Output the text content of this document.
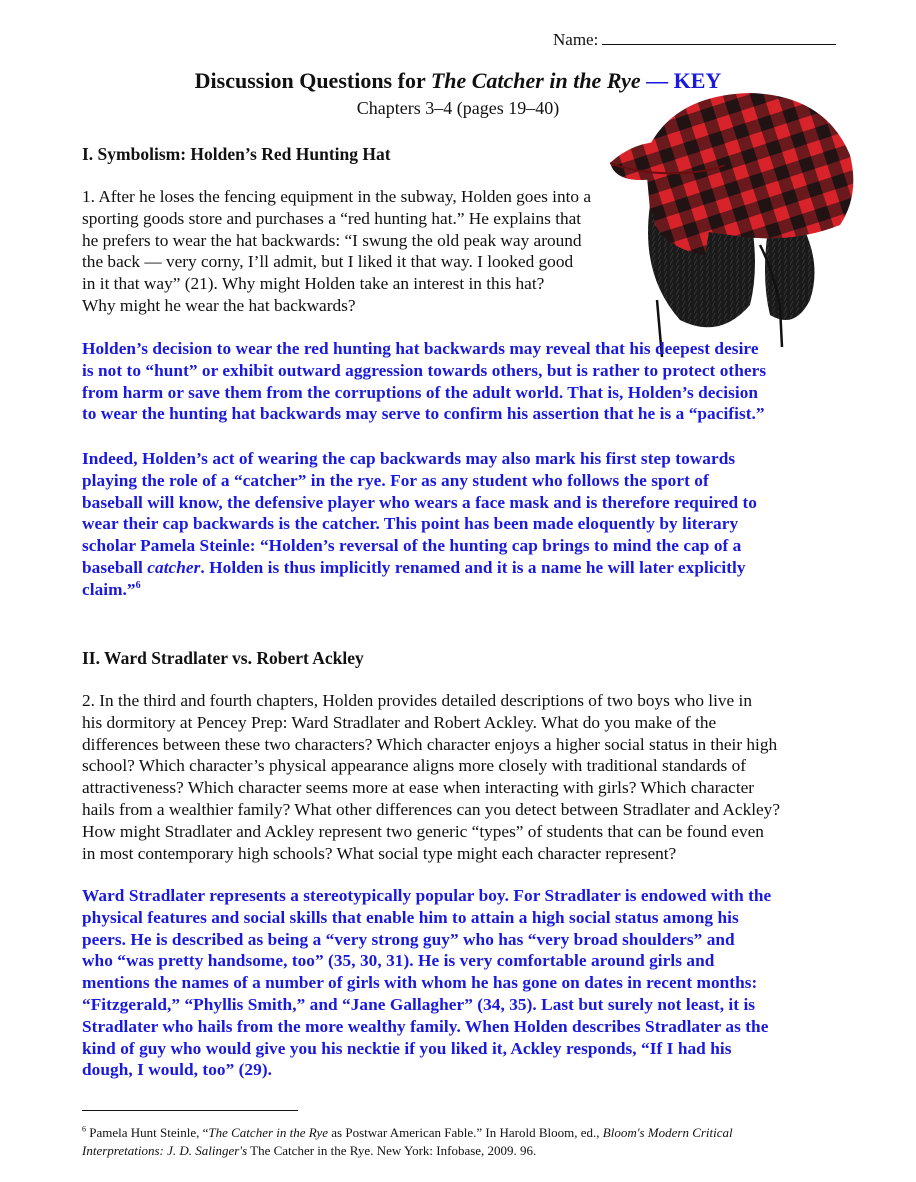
Name:
Discussion Questions for The Catcher in the Rye — KEY
Chapters 3–4 (pages 19–40)
I. Symbolism: Holden’s Red Hunting Hat
1. After he loses the fencing equipment in the subway, Holden goes into a
sporting goods store and purchases a “red hunting hat.” He explains that
he prefers to wear the hat backwards: “I swung the old peak way around
the back — very corny, I’ll admit, but I liked it that way. I looked good
in it that way” (21). Why might Holden take an interest in this hat?
Why might he wear the hat backwards?
Holden’s decision to wear the red hunting hat backwards may reveal that his deepest desire
is not to “hunt” or exhibit outward aggression towards others, but is rather to protect others
from harm or save them from the corruptions of the adult world. That is, Holden’s decision
to wear the hunting hat backwards may serve to confirm his assertion that he is a “pacifist.”
Indeed, Holden’s act of wearing the cap backwards may also mark his first step towards
playing the role of a “catcher” in the rye. For as any student who follows the sport of
baseball will know, the defensive player who wears a face mask and is therefore required to
wear their cap backwards is the catcher. This point has been made eloquently by literary
scholar Pamela Steinle: “Holden’s reversal of the hunting cap brings to mind the cap of a
baseball catcher. Holden is thus implicitly renamed and it is a name he will later explicitly
claim.”$^6$
II. Ward Stradlater vs. Robert Ackley
2. In the third and fourth chapters, Holden provides detailed descriptions of two boys who live in
his dormitory at Pencey Prep: Ward Stradlater and Robert Ackley. What do you make of the
differences between these two characters? Which character enjoys a higher social status in their high
school? Which character’s physical appearance aligns more closely with traditional standards of
attractiveness? Which character seems more at ease when interacting with girls? Which character
hails from a wealthier family? What other differences can you detect between Stradlater and Ackley?
How might Stradlater and Ackley represent two generic “types” of students that can be found even
in most contemporary high schools? What social type might each character represent?
Ward Stradlater represents a stereotypically popular boy. For Stradlater is endowed with the
physical features and social skills that enable him to attain a high social status among his
peers. He is described as being a “very strong guy” who has “very broad shoulders” and
who “was pretty handsome, too” (35, 30, 31). He is very comfortable around girls and
mentions the names of a number of girls with whom he has gone on dates in recent months:
“Fitzgerald,” “Phyllis Smith,” and “Jane Gallagher” (34, 35). Last but surely not least, it is
Stradlater who hails from the more wealthy family. When Holden describes Stradlater as the
kind of guy who would give you his necktie if you liked it, Ackley responds, “If I had his
dough, I would, too” (29).
$^6$ Pamela Hunt Steinle, “The Catcher in the Rye as Postwar American Fable.” In Harold Bloom, ed., Bloom's Modern Critical
Interpretations: J. D. Salinger's The Catcher in the Rye. New York: Infobase, 2009. 96.
